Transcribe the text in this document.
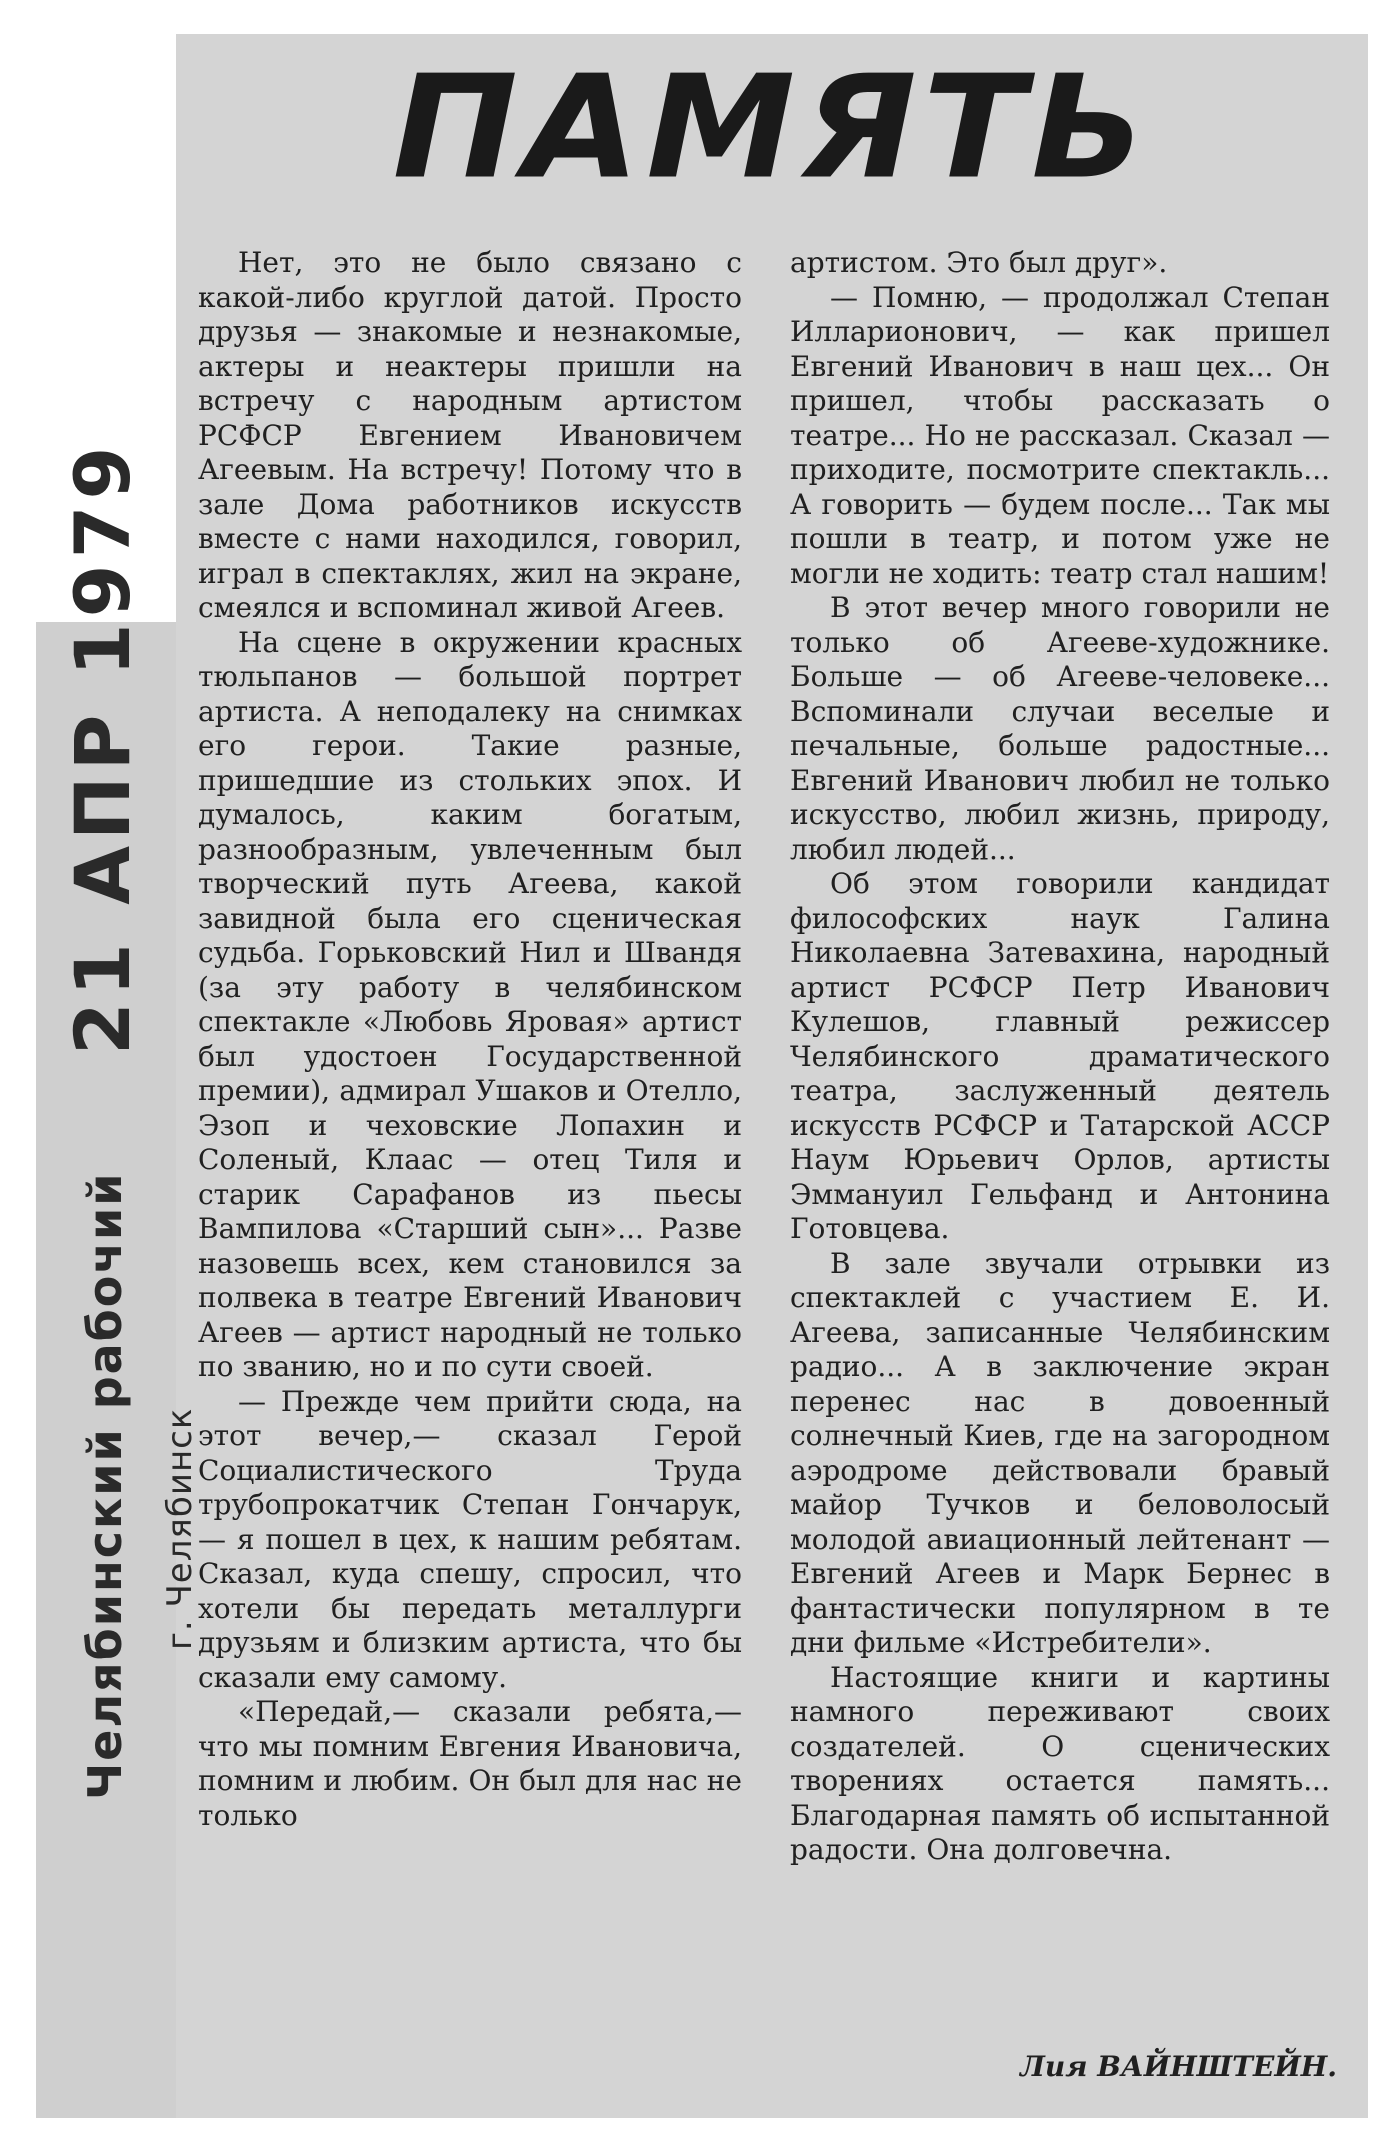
21 АПР 1979
Челябинский рабочий г. Челябинск
ПАМЯТЬ

Нет, это не было связано с какой-либо круглой датой. Просто друзья — знакомые и незнакомые, актеры и неактеры пришли на встречу с народным артистом РСФСР Евгением Ивановичем Агеевым. На встречу! Потому что в зале Дома работников искусств вместе с нами находился, говорил, играл в спектаклях, жил на экране, смеялся и вспоминал живой Агеев.

На сцене в окружении красных тюльпанов — большой портрет артиста. А неподалеку на снимках его герои. Такие разные, пришедшие из стольких эпох. И думалось, каким богатым, разнообразным, увлеченным был творческий путь Агеева, какой завидной была его сценическая судьба. Горьковский Нил и Швандя (за эту работу в челябинском спектакле «Любовь Яровая» артист был удостоен Государственной премии), адмирал Ушаков и Отелло, Эзоп и чеховские Лопахин и Соленый, Клаас — отец Тиля и старик Сарафанов из пьесы Вампилова «Старший сын»... Разве назовешь всех, кем становился за полвека в театре Евгений Иванович Агеев — артист народный не только по званию, но и по сути своей.

— Прежде чем прийти сюда, на этот вечер,— сказал Герой Социалистического Труда трубопрокатчик Степан Гончарук,— я пошел в цех, к нашим ребятам. Сказал, куда спешу, спросил, что хотели бы передать металлурги друзьям и близким артиста, что бы сказали ему самому.

«Передай,— сказали ребята,— что мы помним Евгения Ивановича, помним и любим. Он был для нас не только

артистом. Это был друг».

— Помню, — продолжал Степан Илларионович, — как пришел Евгений Иванович в наш цех... Он пришел, чтобы рассказать о театре... Но не рассказал. Сказал — приходите, посмотрите спектакль... А говорить — будем после... Так мы пошли в театр, и потом уже не могли не ходить: театр стал нашим!

В этот вечер много говорили не только об Агееве-художнике. Больше — об Агееве-человеке... Вспоминали случаи веселые и печальные, больше радостные... Евгений Иванович любил не только искусство, любил жизнь, природу, любил людей...

Об этом говорили кандидат философских наук Галина Николаевна Затевахина, народный артист РСФСР Петр Иванович Кулешов, главный режиссер Челябинского драматического театра, заслуженный деятель искусств РСФСР и Татарской АССР Наум Юрьевич Орлов, артисты Эммануил Гельфанд и Антонина Готовцева.

В зале звучали отрывки из спектаклей с участием Е. И. Агеева, записанные Челябинским радио... А в заключение экран перенес нас в довоенный солнечный Киев, где на загородном аэродроме действовали бравый майор Тучков и беловолосый молодой авиационный лейтенант — Евгений Агеев и Марк Бернес в фантастически популярном в те дни фильме «Истребители».

Настоящие книги и картины намного переживают своих создателей. О сценических творениях остается память... Благодарная память об испытанной радости. Она долговечна.

Лия ВАЙНШТЕЙН.
